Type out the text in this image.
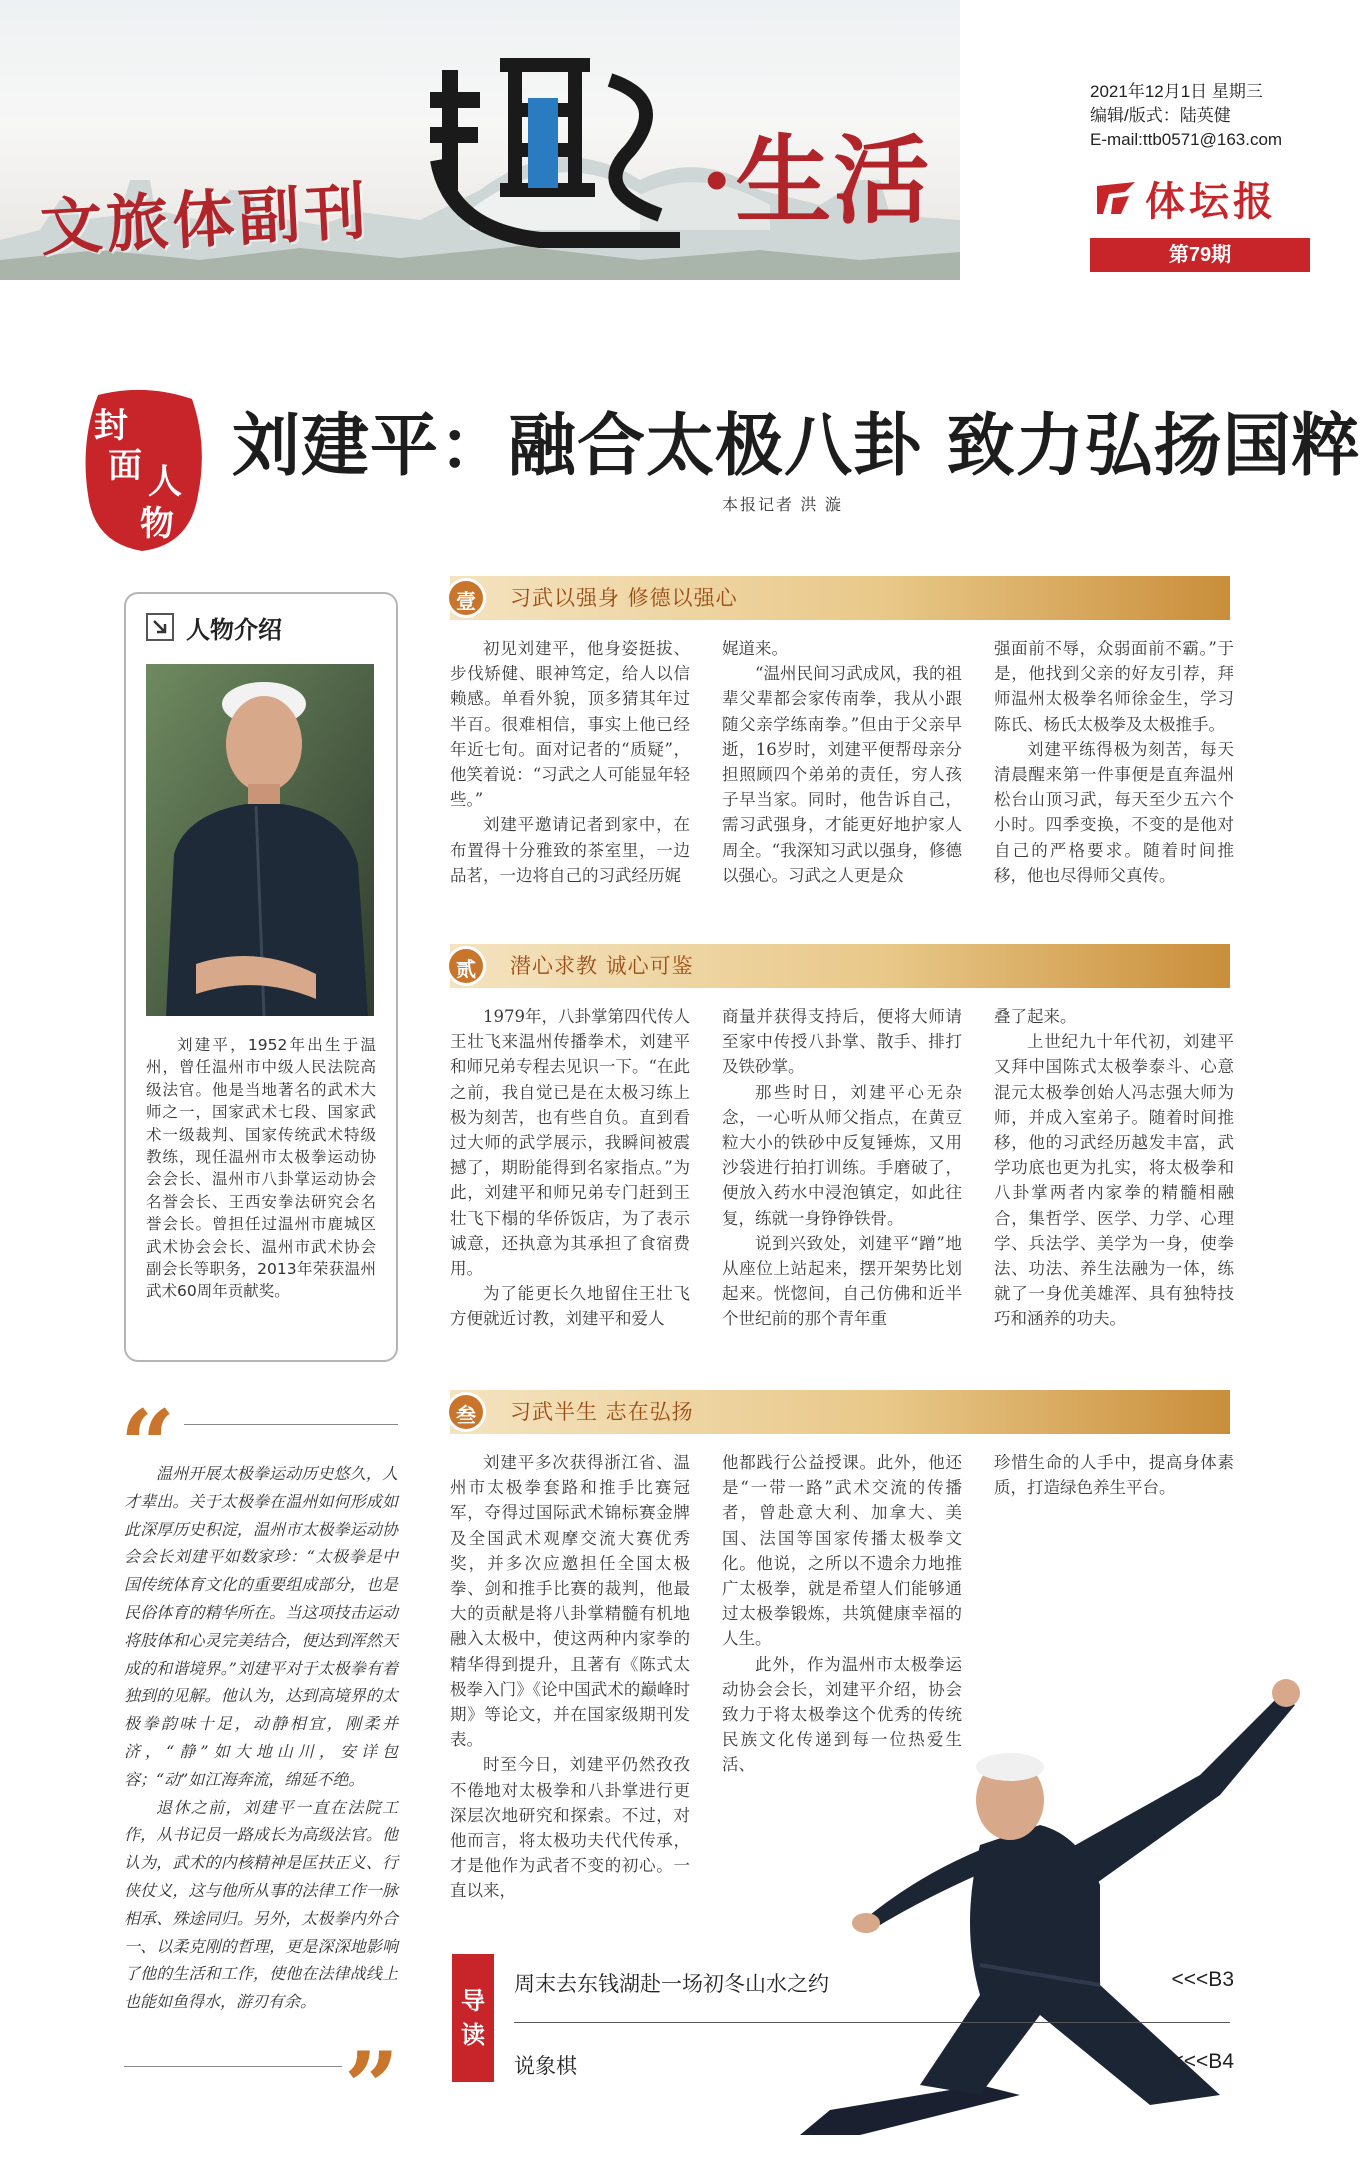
文旅体副刊	·生活
2021年12月1日 星期三
编辑/版式：陆英健
E-mail:ttb0571@163.com
体坛报
第79期
封
面 人
物
刘建平：融合太极八卦 致力弘扬国粹
本报记者 洪 漩
人物介绍
刘建平，1952年出生于温州，曾任温州市中级人民法院高级法官。他是当地著名的武术大师之一，国家武术七段、国家武术一级裁判、国家传统武术特级教练，现任温州市太极拳运动协会会长、温州市八卦掌运动协会名誉会长、王西安拳法研究会名誉会长。曾担任过温州市鹿城区武术协会会长、温州市武术协会副会长等职务，2013年荣获温州武术60周年贡献奖。
“

温州开展太极拳运动历史悠久，人才辈出。关于太极拳在温州如何形成如此深厚历史积淀，温州市太极拳运动协会会长刘建平如数家珍：“太极拳是中国传统体育文化的重要组成部分，也是民俗体育的精华所在。当这项技击运动将肢体和心灵完美结合，便达到浑然天成的和谐境界。”刘建平对于太极拳有着独到的见解。他认为，达到高境界的太极拳韵味十足，动静相宜，刚柔并济，“静”如大地山川，安详包容；“动”如江海奔流，绵延不绝。

退休之前，刘建平一直在法院工作，从书记员一路成长为高级法官。他认为，武术的内核精神是匡扶正义、行侠仗义，这与他所从事的法律工作一脉相承、殊途同归。另外，太极拳内外合一、以柔克刚的哲理，更是深深地影响了他的生活和工作，使他在法律战线上也能如鱼得水，游刃有余。

”
壹	习武以强身 修德以强心

初见刘建平，他身姿挺拔、步伐矫健、眼神笃定，给人以信赖感。单看外貌，顶多猜其年过半百。很难相信，事实上他已经年近七旬。面对记者的“质疑”，他笑着说：“习武之人可能显年轻些。”

刘建平邀请记者到家中，在布置得十分雅致的茶室里，一边品茗，一边将自己的习武经历娓

娓道来。

“温州民间习武成风，我的祖辈父辈都会家传南拳，我从小跟随父亲学练南拳。”但由于父亲早逝，16岁时，刘建平便帮母亲分担照顾四个弟弟的责任，穷人孩子早当家。同时，他告诉自己，需习武强身，才能更好地护家人周全。“我深知习武以强身，修德以强心。习武之人更是众

强面前不辱，众弱面前不霸。”于是，他找到父亲的好友引荐，拜师温州太极拳名师徐金生，学习陈氏、杨氏太极拳及太极推手。

刘建平练得极为刻苦，每天清晨醒来第一件事便是直奔温州松台山顶习武，每天至少五六个小时。四季变换，不变的是他对自己的严格要求。随着时间推移，他也尽得师父真传。

贰	潜心求教 诚心可鉴

1979年，八卦掌第四代传人王壮飞来温州传播拳术，刘建平和师兄弟专程去见识一下。“在此之前，我自觉已是在太极习练上极为刻苦，也有些自负。直到看过大师的武学展示，我瞬间被震撼了，期盼能得到名家指点。”为此，刘建平和师兄弟专门赶到王壮飞下榻的华侨饭店，为了表示诚意，还执意为其承担了食宿费用。

为了能更长久地留住王壮飞方便就近讨教，刘建平和爱人

商量并获得支持后，便将大师请至家中传授八卦掌、散手、排打及铁砂掌。

那些时日，刘建平心无杂念，一心听从师父指点，在黄豆粒大小的铁砂中反复锤炼，又用沙袋进行拍打训练。手磨破了，便放入药水中浸泡镇定，如此往复，练就一身铮铮铁骨。

说到兴致处，刘建平“蹭”地从座位上站起来，摆开架势比划起来。恍惚间，自己仿佛和近半个世纪前的那个青年重

叠了起来。

上世纪九十年代初，刘建平又拜中国陈式太极拳泰斗、心意混元太极拳创始人冯志强大师为师，并成入室弟子。随着时间推移，他的习武经历越发丰富，武学功底也更为扎实，将太极拳和八卦掌两者内家拳的精髓相融合，集哲学、医学、力学、心理学、兵法学、美学为一身，使拳法、功法、养生法融为一体，练就了一身优美雄浑、具有独特技巧和涵养的功夫。

叁	习武半生 志在弘扬

刘建平多次获得浙江省、温州市太极拳套路和推手比赛冠军，夺得过国际武术锦标赛金牌及全国武术观摩交流大赛优秀奖，并多次应邀担任全国太极拳、剑和推手比赛的裁判，他最大的贡献是将八卦掌精髓有机地融入太极中，使这两种内家拳的精华得到提升，且著有《陈式太极拳入门》《论中国武术的巅峰时期》等论文，并在国家级期刊发表。

时至今日，刘建平仍然孜孜不倦地对太极拳和八卦掌进行更深层次地研究和探索。不过，对他而言，将太极功夫代代传承，才是他作为武者不变的初心。一直以来，

他都践行公益授课。此外，他还是“一带一路”武术交流的传播者，曾赴意大利、加拿大、美国、法国等国家传播太极拳文化。他说，之所以不遗余力地推广太极拳，就是希望人们能够通过太极拳锻炼，共筑健康幸福的人生。

此外，作为温州市太极拳运动协会会长，刘建平介绍，协会致力于将太极拳这个优秀的传统民族文化传递到每一位热爱生活、

珍惜生命的人手中，提高身体素质，打造绿色养生平台。

导
读
周末去东钱湖赴一场初冬山水之约	<<<B3
说象棋	<<<B4
